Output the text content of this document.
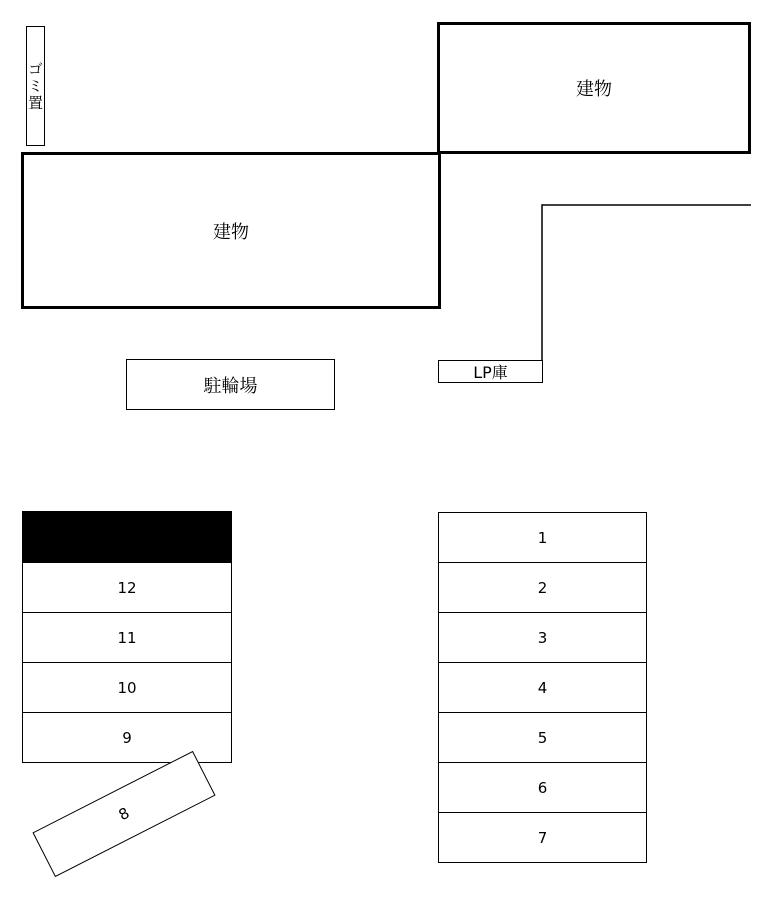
ゴミ置	建物
建物
LP庫
駐輪場
12
11
10
9
8
1
2
3
4
5
6
7
